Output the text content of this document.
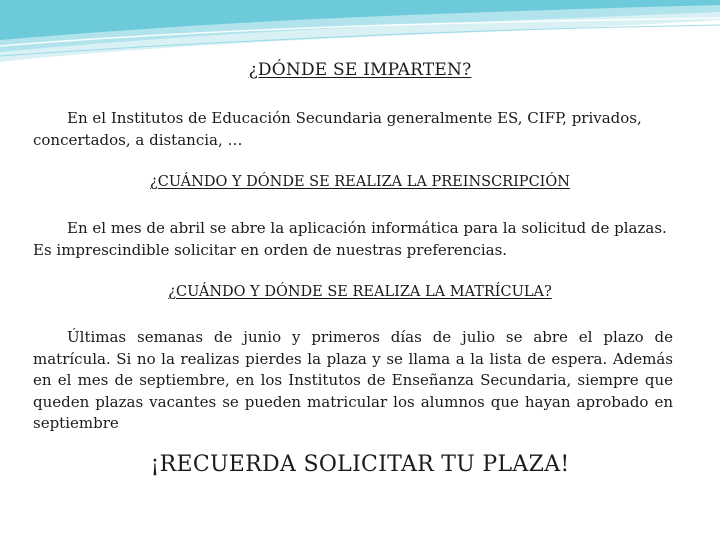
¿DÓNDE SE IMPARTEN?

En el Institutos de Educación Secundaria generalmente ES, CIFP, privados, concertados, a distancia, …

¿CUÁNDO Y DÓNDE SE REALIZA LA PREINSCRIPCIÓN

En el mes de abril se abre la aplicación informática para la solicitud de plazas. Es imprescindible solicitar en orden de nuestras preferencias.

¿CUÁNDO Y DÓNDE SE REALIZA LA MATRÍCULA?

Últimas semanas de junio y primeros días de julio se abre el plazo de matrícula. Si no la realizas pierdes la plaza y se llama a la lista de espera. Además en el mes de septiembre, en los Institutos de Enseñanza Secundaria, siempre que queden plazas vacantes se pueden matricular los alumnos que hayan aprobado en septiembre

¡RECUERDA SOLICITAR TU PLAZA!
